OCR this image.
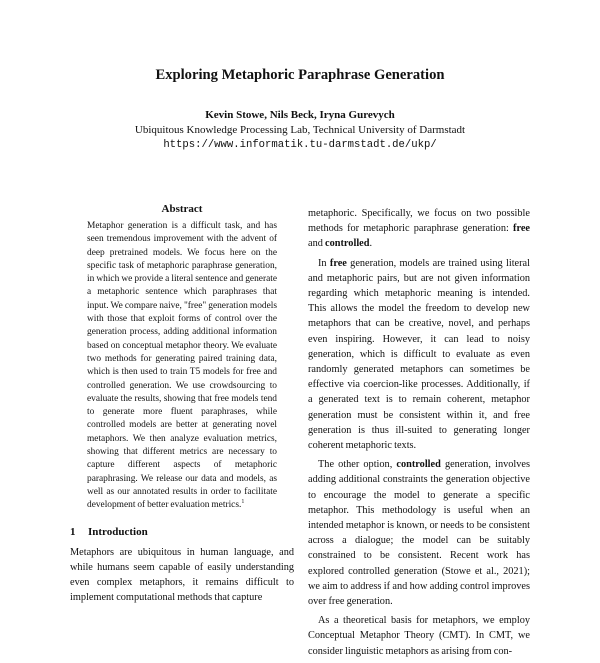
Exploring Metaphoric Paraphrase Generation
Kevin Stowe, Nils Beck, Iryna Gurevych
Ubiquitous Knowledge Processing Lab, Technical University of Darmstadt
https://www.informatik.tu-darmstadt.de/ukp/
Abstract

Metaphor generation is a difficult task, and has seen tremendous improvement with the advent of deep pretrained models. We focus here on the specific task of metaphoric paraphrase generation, in which we provide a literal sentence and generate a metaphoric sentence which paraphrases that input. We compare naive, "free" generation models with those that exploit forms of control over the generation process, adding additional information based on conceptual metaphor theory. We evaluate two methods for generating paired training data, which is then used to train T5 models for free and controlled generation. We use crowdsourcing to evaluate the results, showing that free models tend to generate more fluent paraphrases, while controlled models are better at generating novel metaphors. We then analyze evaluation metrics, showing that different metrics are necessary to capture different aspects of metaphoric paraphrasing. We release our data and models, as well as our annotated results in order to facilitate development of better evaluation metrics.$^1$

1 Introduction

Metaphors are ubiquitous in human language, and while humans seem capable of easily understanding even complex metaphors, it remains difficult to implement computational methods that capture

metaphoric. Specifically, we focus on two possible methods for metaphoric paraphrase generation: free and controlled.

In free generation, models are trained using literal and metaphoric pairs, but are not given information regarding which metaphoric meaning is intended. This allows the model the freedom to develop new metaphors that can be creative, novel, and perhaps even inspiring. However, it can lead to noisy generation, which is difficult to evaluate as even randomly generated metaphors can sometimes be effective via coercion-like processes. Additionally, if a generated text is to remain coherent, metaphor generation must be consistent within it, and free generation is thus ill-suited to generating longer coherent metaphoric texts.

The other option, controlled generation, involves adding additional constraints the generation objective to encourage the model to generate a specific metaphor. This methodology is useful when an intended metaphor is known, or needs to be consistent across a dialogue; the model can be suitably constrained to be consistent. Recent work has explored controlled generation (Stowe et al., 2021); we aim to address if and how adding control improves over free generation.

As a theoretical basis for metaphors, we employ Conceptual Metaphor Theory (CMT). In CMT, we consider linguistic metaphors as arising from con-
